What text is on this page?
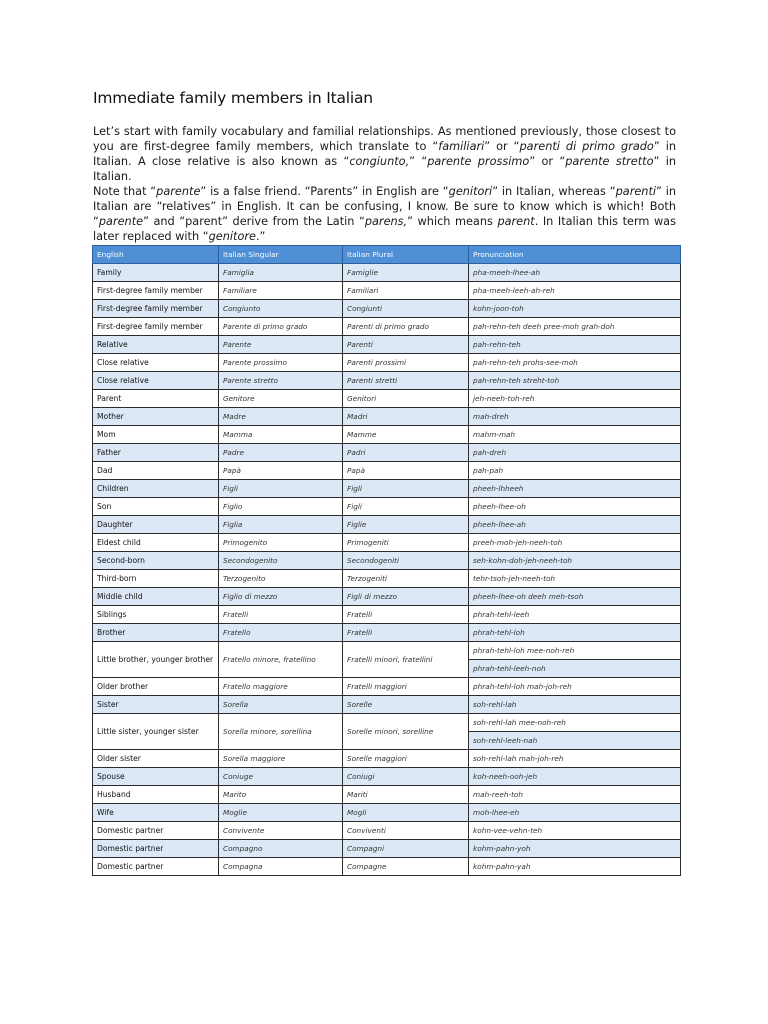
Immediate family members in Italian

Let’s start with family vocabulary and familial relationships. As mentioned previously, those closest to you are first-degree family members, which translate to “familiari” or “parenti di primo grado” in Italian. A close relative is also known as “congiunto,” “parente prossimo” or “parente stretto” in Italian.

Note that “parente” is a false friend. “Parents” in English are “genitori” in Italian, whereas “parenti” in Italian are “relatives” in English. It can be confusing, I know. Be sure to know which is which! Both “parente” and “parent” derive from the Latin “parens,” which means parent. In Italian this term was later replaced with “genitore.”

English	Italian Singular	Italian Plural	Pronunciation
Family	Famiglia	Famiglie	pha-meeh-lhee-ah
First-degree family member	Familiare	Familiari	pha-meeh-leeh-ah-reh
First-degree family member	Congiunto	Congiunti	kohn-joon-toh
First-degree family member	Parente di primo grado	Parenti di primo grado	pah-rehn-teh deeh pree-moh grah-doh
Relative	Parente	Parenti	pah-rehn-teh
Close relative	Parente prossimo	Parenti prossimi	pah-rehn-teh prohs-see-moh
Close relative	Parente stretto	Parenti stretti	pah-rehn-teh streht-toh
Parent	Genitore	Genitori	jeh-neeh-toh-reh
Mother	Madre	Madri	mah-dreh
Mom	Mamma	Mamme	mahm-mah
Father	Padre	Padri	pah-dreh
Dad	Papà	Papà	pah-pah
Children	Figli	Figli	pheeh-lhheeh
Son	Figlio	Figli	pheeh-lhee-oh
Daughter	Figlia	Figlie	pheeh-lhee-ah
Eldest child	Primogenito	Primogeniti	preeh-moh-jeh-neeh-toh
Second-born	Secondogenito	Secondogeniti	seh-kohn-doh-jeh-neeh-toh
Third-born	Terzogenito	Terzogeniti	tehr-tsoh-jeh-neeh-toh
Middle child	Figlio di mezzo	Figli di mezzo	pheeh-lhee-oh deeh meh-tsoh
Siblings	Fratelli	Fratelli	phrah-tehl-leeh
Brother	Fratello	Fratelli	phrah-tehl-loh
Little brother, younger brother	Fratello minore, fratellino	Fratelli minori, fratellini	phrah-tehl-loh mee-noh-reh
			phrah-tehl-leeh-noh
Older brother	Fratello maggiore	Fratelli maggiori	phrah-tehl-loh mah-joh-reh
Sister	Sorella	Sorelle	soh-rehl-lah
Little sister, younger sister	Sorella minore, sorellina	Sorelle minori, sorelline	soh-rehl-lah mee-noh-reh
			soh-rehl-leeh-nah
Older sister	Sorella maggiore	Sorelle maggiori	soh-rehl-lah mah-joh-reh
Spouse	Coniuge	Coniugi	koh-neeh-ooh-jeh
Husband	Marito	Mariti	mah-reeh-toh
Wife	Moglie	Mogli	moh-lhee-eh
Domestic partner	Convivente	Conviventi	kohn-vee-vehn-teh
Domestic partner	Compagno	Compagni	kohm-pahn-yoh
Domestic partner	Compagna	Compagne	kohm-pahn-yah
